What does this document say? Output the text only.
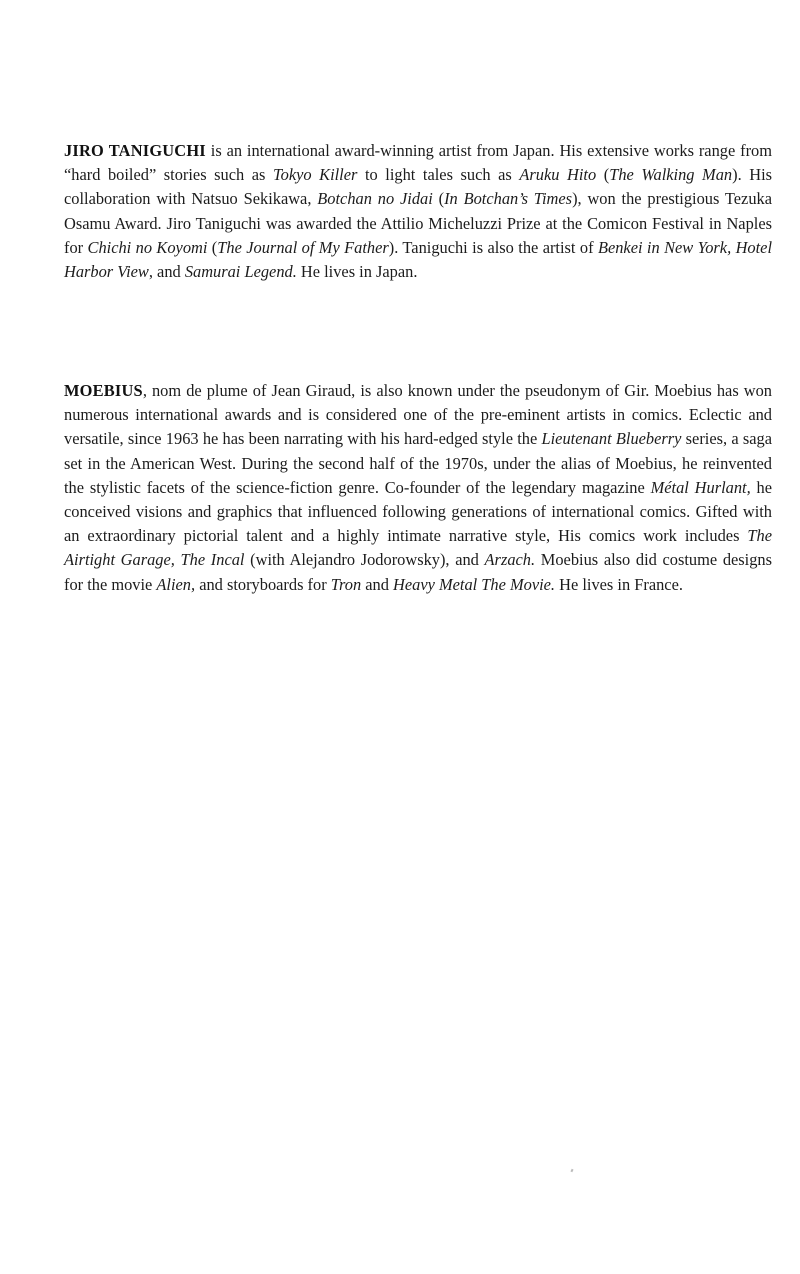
JIRO TANIGUCHI is an international award-winning artist from Japan. His extensive works range from “hard boiled” stories such as Tokyo Killer to light tales such as Aruku Hito (The Walking Man). His collaboration with Natsuo Sekikawa, Botchan no Jidai (In Botchan’s Times), won the prestigious Tezuka Osamu Award. Jiro Taniguchi was awarded the Attilio Micheluzzi Prize at the Comicon Festival in Naples for Chichi no Koyomi (The Journal of My Father). Taniguchi is also the artist of Benkei in New York, Hotel Harbor View, and Samurai Legend. He lives in Japan.

MOEBIUS, nom de plume of Jean Giraud, is also known under the pseudonym of Gir. Moebius has won numerous international awards and is considered one of the pre-eminent artists in comics. Eclectic and versatile, since 1963 he has been narrating with his hard-edged style the Lieutenant Blueberry series, a saga set in the American West. During the second half of the 1970s, under the alias of Moebius, he reinvented the stylistic facets of the science-fiction genre. Co-founder of the legendary magazine Métal Hurlant, he conceived visions and graphics that influenced following generations of international comics. Gifted with an extraordinary pictorial talent and a highly intimate narrative style, His comics work includes The Airtight Garage, The Incal (with Alejandro Jodorowsky), and Arzach. Moebius also did costume designs for the movie Alien, and storyboards for Tron and Heavy Metal The Movie. He lives in France.
